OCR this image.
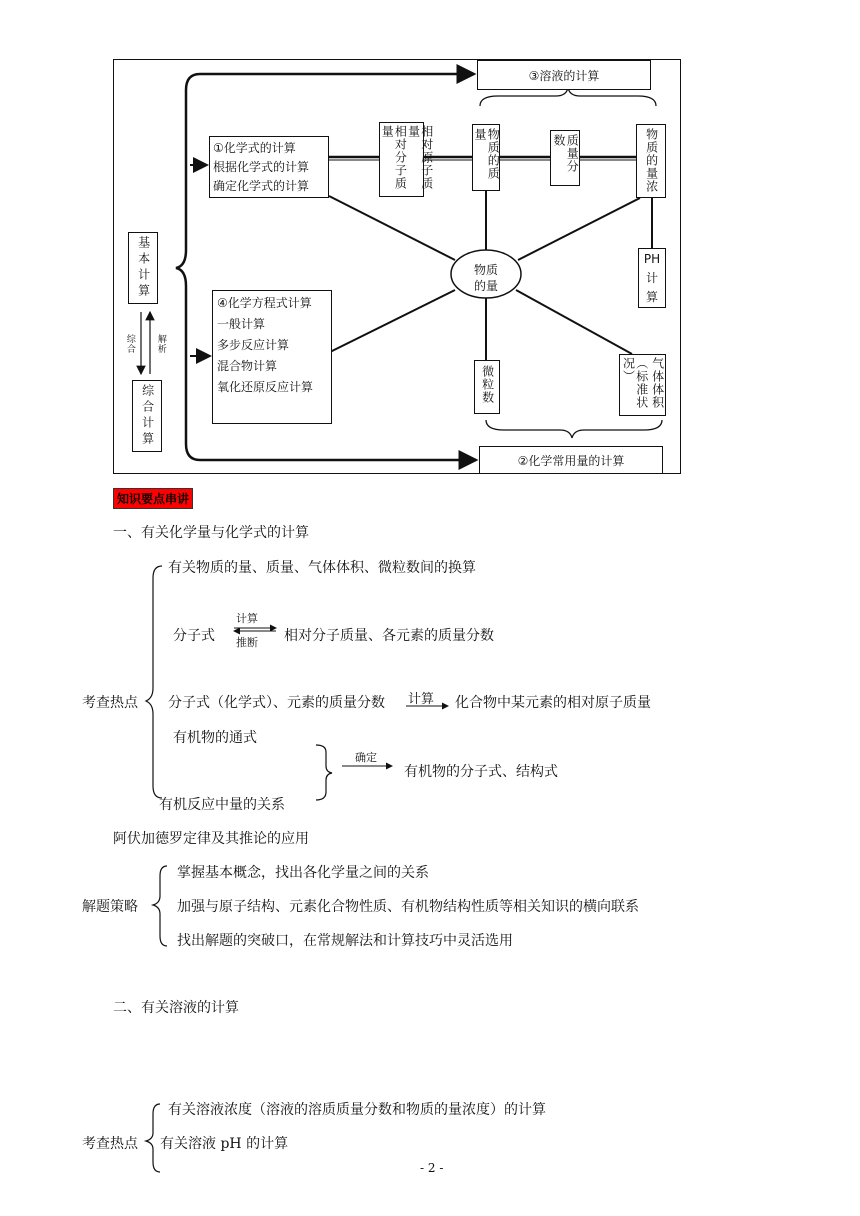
③溶液的计算
①化学式的计算
根据化学式的计算
确定化学式的计算	相对分子质量	相对原子质量	物质的质量	质量分数	物质的量浓
基本计算
④化学方程式计算
一般计算
多步反应计算
混合物计算
氧化还原反应计算
物质
的量
PH
计
算
综合 解析
综合计算	微粒数	（标准状况）	气体体积
②化学常用量的计算
知识要点串讲
一、有关化学量与化学式的计算
考查热点
有关物质的量、质量、气体体积、微粒数间的换算
分子式
计算
推断 相对分子质量、各元素的质量分数
分子式（化学式）、元素的质量分数 计算 化合物中某元素的相对原子质量
有机物的通式
确定
有机物的分子式、结构式
有机反应中量的关系
阿伏加德罗定律及其推论的应用
解题策略
掌握基本概念，找出各化学量之间的关系
加强与原子结构、元素化合物性质、有机物结构性质等相关知识的横向联系
找出解题的突破口，在常规解法和计算技巧中灵活选用
二、有关溶液的计算
考查热点
有关溶液浓度（溶液的溶质质量分数和物质的量浓度）的计算
有关溶液 pH 的计算
- 2 -
